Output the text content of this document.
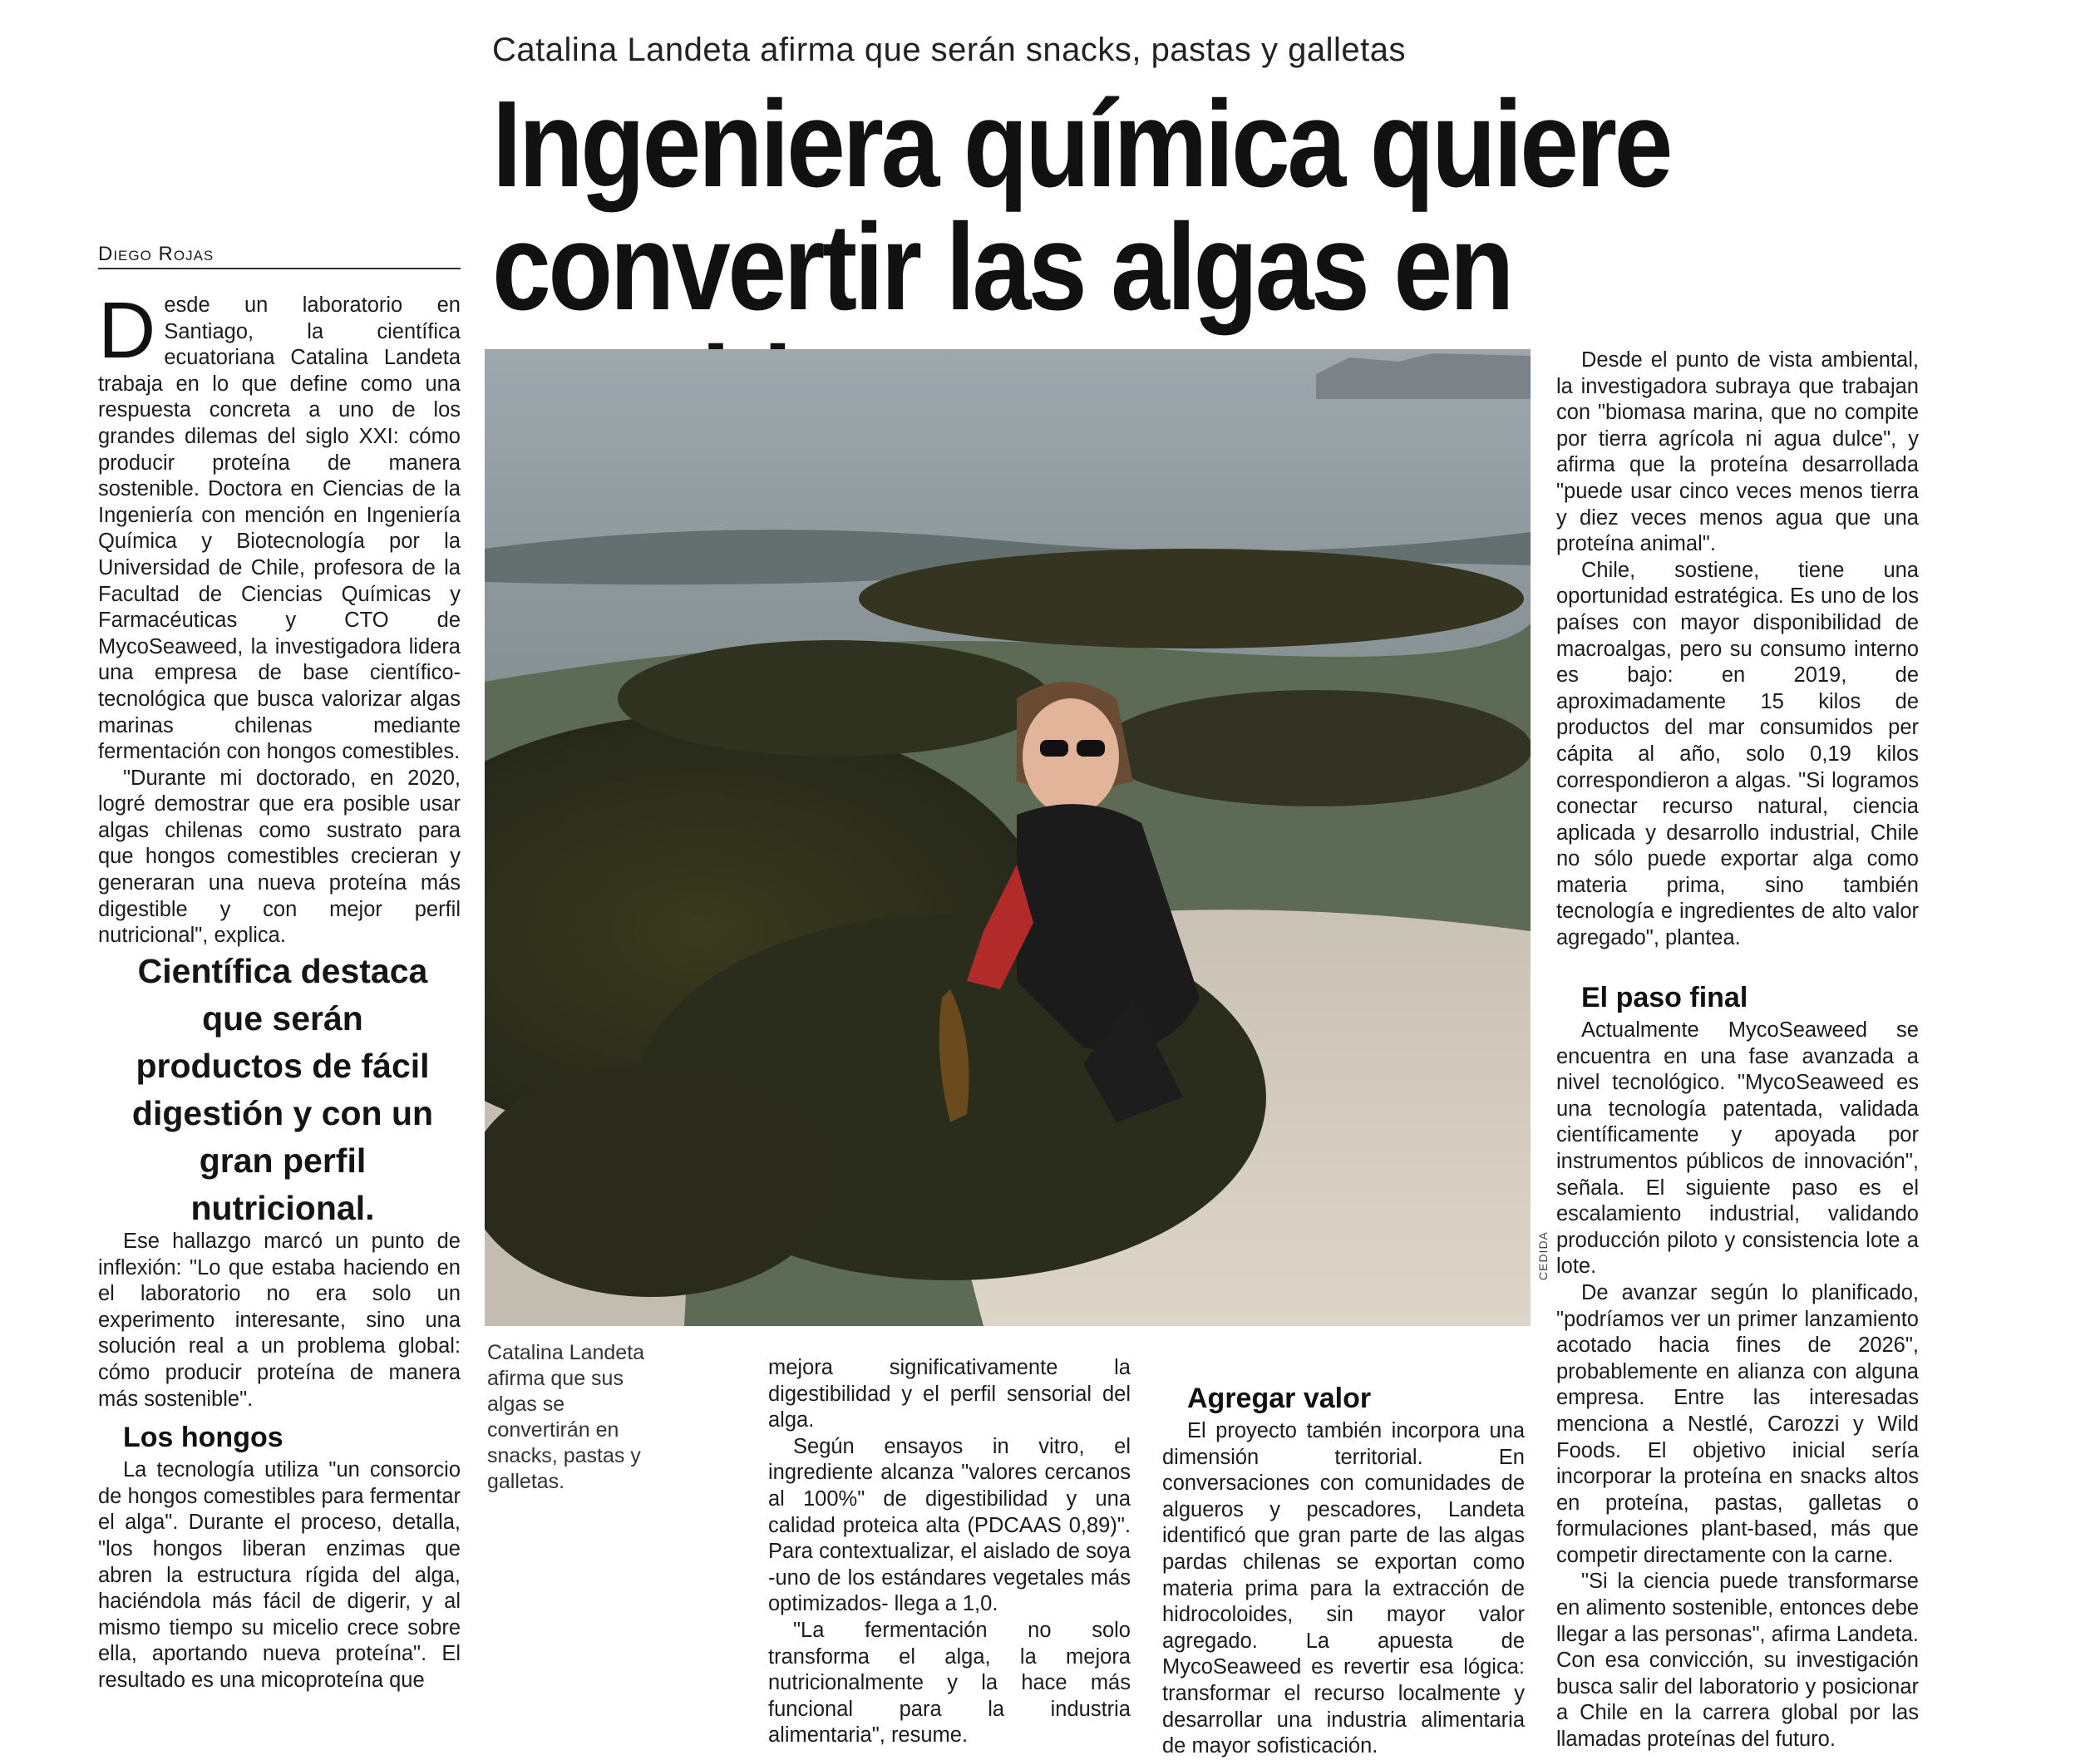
Catalina Landeta afirma que serán snacks, pastas y galletas
Ingeniera química quiere
convertir las algas en
Diego Rojas

Desde un laboratorio en Santiago, la científica ecuatoriana Catalina Landeta trabaja en lo que define como una respuesta concreta a uno de los grandes dilemas del siglo XXI: cómo producir proteína de manera sostenible. Doctora en Ciencias de la Ingeniería con mención en Ingeniería Química y Biotecnología por la Universidad de Chile, profesora de la Facultad de Ciencias Químicas y Farmacéuticas y CTO de MycoSeaweed, la investigadora lidera una empresa de base científico-tecnológica que busca valorizar algas marinas chilenas mediante fermentación con hongos comestibles.

"Durante mi doctorado, en 2020, logré demostrar que era posible usar algas chilenas como sustrato para que hongos comestibles crecieran y generaran una nueva proteína más digestible y con mejor perfil nutricional", explica.

Científica destaca que serán productos de fácil digestión y con un gran perfil nutricional.

Ese hallazgo marcó un punto de inflexión: "Lo que estaba haciendo en el laboratorio no era solo un experimento interesante, sino una solución real a un problema global: cómo producir proteína de manera más sostenible".

Los hongos

La tecnología utiliza "un consorcio de hongos comestibles para fermentar el alga". Durante el proceso, detalla, "los hongos liberan enzimas que abren la estructura rígida del alga, haciéndola más fácil de digerir, y al mismo tiempo su micelio crece sobre ella, aportando nueva proteína". El resultado es una micoproteína que

CEDIDA
Catalina Landeta afirma que sus algas se convertirán en snacks, pastas y galletas.

mejora significativamente la digestibilidad y el perfil sensorial del alga.

Según ensayos in vitro, el ingrediente alcanza "valores cercanos al 100%" de digestibilidad y una calidad proteica alta (PDCAAS 0,89)". Para contextualizar, el aislado de soya -uno de los estándares vegetales más optimizados- llega a 1,0.

"La fermentación no solo transforma el alga, la mejora nutricionalmente y la hace más funcional para la industria alimentaria", resume.

Agregar valor

El proyecto también incorpora una dimensión territorial. En conversaciones con comunidades de algueros y pescadores, Landeta identificó que gran parte de las algas pardas chilenas se exportan como materia prima para la extracción de hidrocoloides, sin mayor valor agregado. La apuesta de MycoSeaweed es revertir esa lógica: transformar el recurso localmente y desarrollar una industria alimentaria de mayor sofisticación.

Desde el punto de vista ambiental, la investigadora subraya que trabajan con "biomasa marina, que no compite por tierra agrícola ni agua dulce", y afirma que la proteína desarrollada "puede usar cinco veces menos tierra y diez veces menos agua que una proteína animal".

Chile, sostiene, tiene una oportunidad estratégica. Es uno de los países con mayor disponibilidad de macroalgas, pero su consumo interno es bajo: en 2019, de aproximadamente 15 kilos de productos del mar consumidos per cápita al año, solo 0,19 kilos correspondieron a algas. "Si logramos conectar recurso natural, ciencia aplicada y desarrollo industrial, Chile no sólo puede exportar alga como materia prima, sino también tecnología e ingredientes de alto valor agregado", plantea.

El paso final

Actualmente MycoSeaweed se encuentra en una fase avanzada a nivel tecnológico. "MycoSeaweed es una tecnología patentada, validada científicamente y apoyada por instrumentos públicos de innovación", señala. El siguiente paso es el escalamiento industrial, validando producción piloto y consistencia lote a lote.

De avanzar según lo planificado, "podríamos ver un primer lanzamiento acotado hacia fines de 2026", probablemente en alianza con alguna empresa. Entre las interesadas menciona a Nestlé, Carozzi y Wild Foods. El objetivo inicial sería incorporar la proteína en snacks altos en proteína, pastas, galletas o formulaciones plant-based, más que competir directamente con la carne.

"Si la ciencia puede transformarse en alimento sostenible, entonces debe llegar a las personas", afirma Landeta. Con esa convicción, su investigación busca salir del laboratorio y posicionar a Chile en la carrera global por las llamadas proteínas del futuro.
